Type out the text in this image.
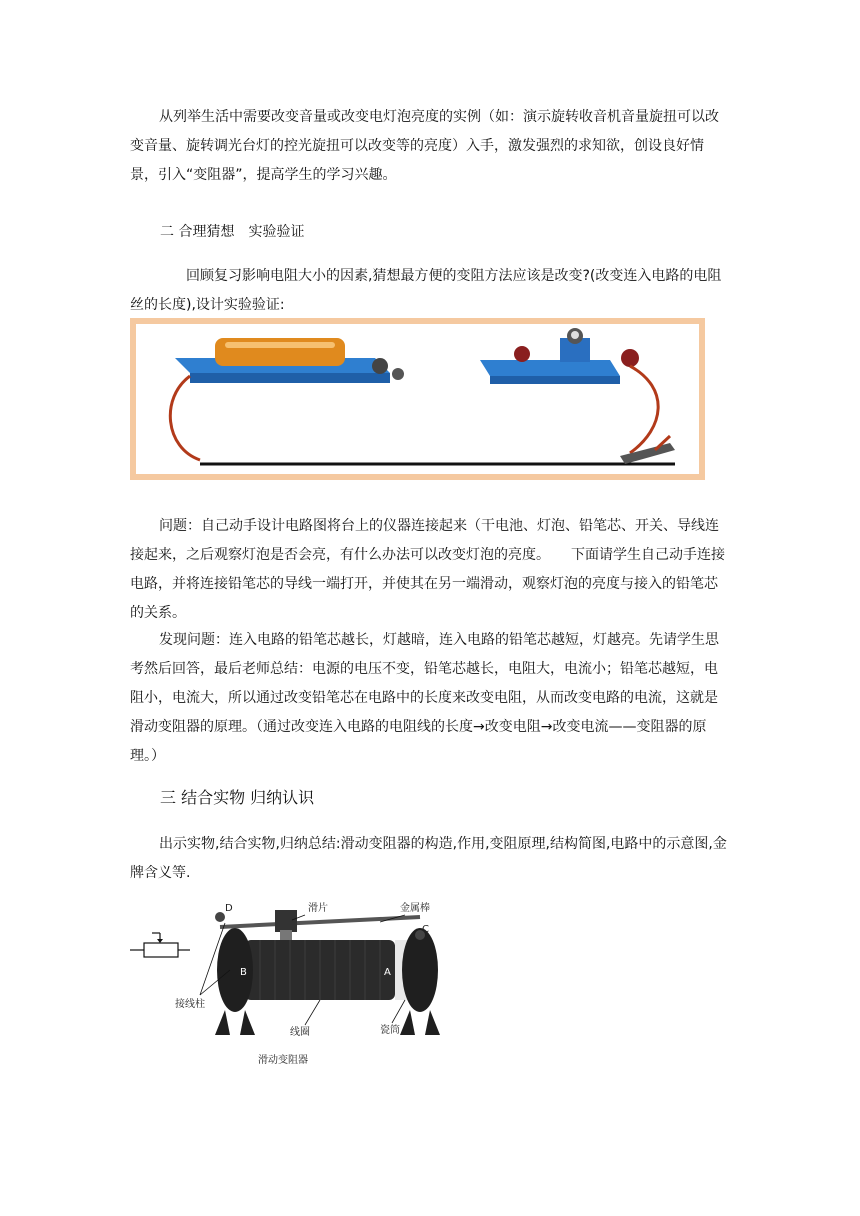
从列举生活中需要改变音量或改变电灯泡亮度的实例（如：演示旋转收音机音量旋扭可以改变音量、旋转调光台灯的控光旋扭可以改变等的亮度）入手，激发强烈的求知欲，创设良好情景，引入“变阻器”，提高学生的学习兴趣。

二 合理猜想　实验验证

回顾复习影响电阻大小的因素,猜想最方便的变阻方法应该是改变?(改变连入电路的电阻丝的长度),设计实验验证:

问题：自己动手设计电路图将台上的仪器连接起来（干电池、灯泡、铅笔芯、开关、导线连接起来，之后观察灯泡是否会亮，有什么办法可以改变灯泡的亮度。　　下面请学生自己动手连接电路，并将连接铅笔芯的导线一端打开，并使其在另一端滑动，观察灯泡的亮度与接入的铅笔芯的关系。

发现问题：连入电路的铅笔芯越长，灯越暗，连入电路的铅笔芯越短，灯越亮。先请学生思考然后回答，最后老师总结：电源的电压不变，铅笔芯越长，电阻大，电流小；铅笔芯越短，电阻小，电流大，所以通过改变铅笔芯在电路中的长度来改变电阻，从而改变电路的电流，这就是滑动变阻器的原理。（通过改变连入电路的电阻线的长度→改变电阻→改变电流——变阻器的原理。）

三 结合实物 归纳认识

出示实物,结合实物,归纳总结:滑动变阻器的构造,作用,变阻原理,结构简图,电路中的示意图,金牌含义等.

D
C
B	A
滑片	金属棒
接线柱
线圈	瓷筒
滑动变阻器
